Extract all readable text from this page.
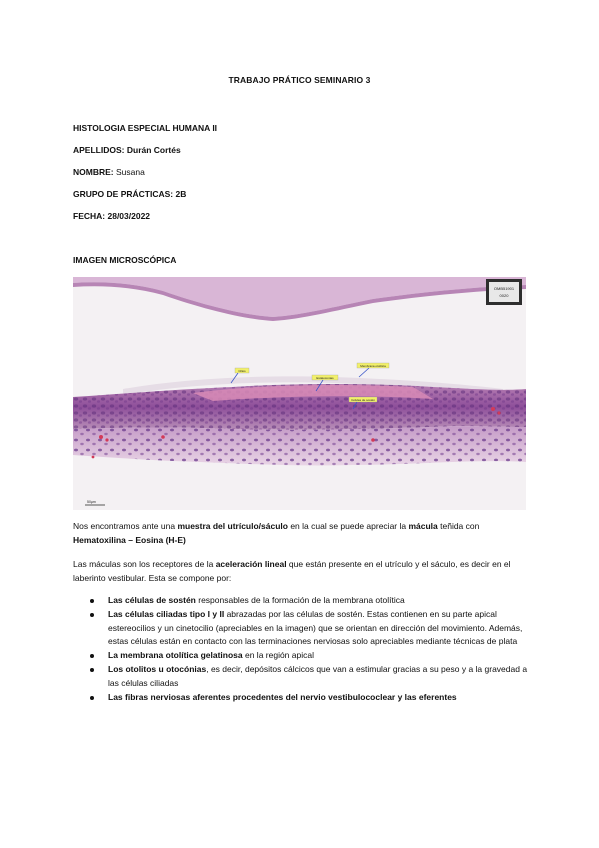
TRABAJO PRÁTICO SEMINARIO 3
HISTOLOGIA ESPECIAL HUMANA II
APELLIDOS: Durán Cortés
NOMBRE: Susana
GRUPO DE PRÁCTICAS: 2B
FECHA: 28/03/2022
IMAGEN MICROSCÓPICA
OMB51901
0020
Cilios
Estatoconias
Membrana otolítica
Células de sostén
50µm
Nos encontramos ante una muestra del utrículo/sáculo en la cual se puede apreciar la mácula teñida con Hematoxilina – Eosina (H-E)
Las máculas son los receptores de la aceleración lineal que están presente en el utrículo y el sáculo, es decir en el laberinto vestibular. Esta se compone por:
Las células de sostén responsables de la formación de la membrana otolítica
Las células ciliadas tipo I y II abrazadas por las células de sostén. Estas contienen en su parte apical estereocilios y un cinetocilio (apreciables en la imagen) que se orientan en dirección del movimiento. Además, estas células están en contacto con las terminaciones nerviosas solo apreciables mediante técnicas de plata
La membrana otolítica gelatinosa en la región apical
Los otolitos u otocónias, es decir, depósitos cálcicos que van a estimular gracias a su peso y a la gravedad a las células ciliadas
Las fibras nerviosas aferentes procedentes del nervio vestibulococlear y las eferentes
